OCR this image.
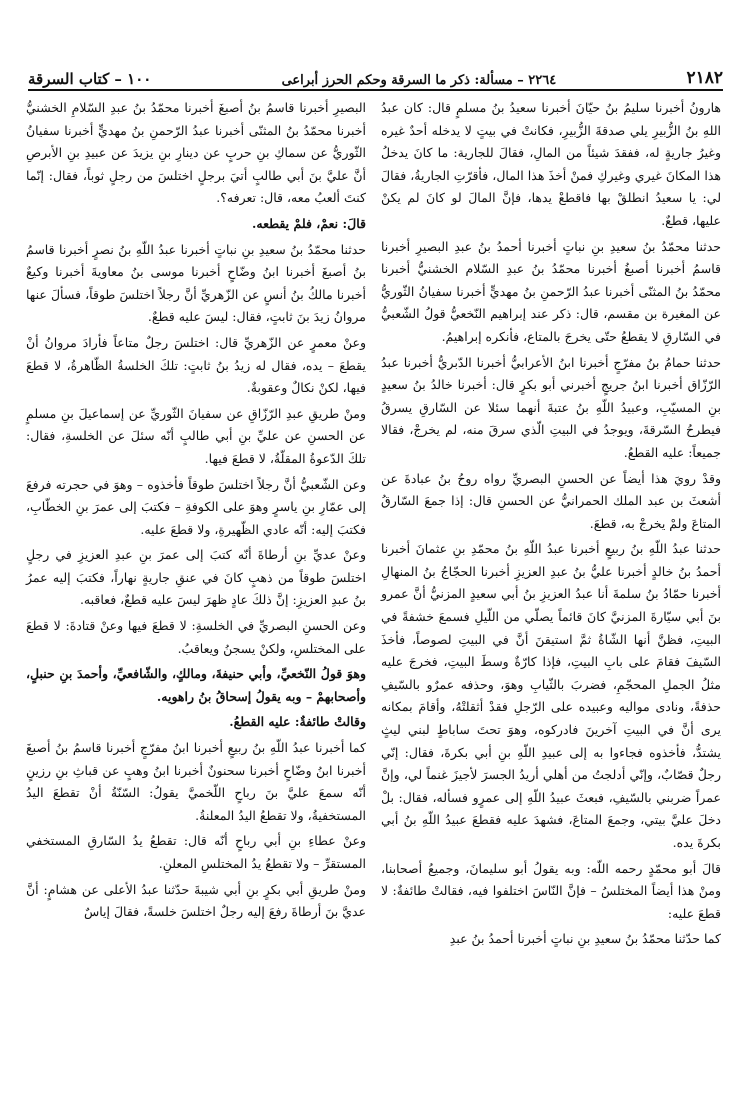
١٠٠ – كتاب السرقة	٢٢٦٤ – مسألة: ذكر ما السرقة وحكم الحرز أبراعى	٢١٨٢

هارونُ أخبرنا سليمُ بنُ حيّانَ أخبرنا سعيدُ بنُ مسلمٍ قال: كان عبدُ اللهِ بنُ الزُّبيرِ يلي صدقةَ الزُّبيرِ، فكانتْ في بيتٍ لا يدخله أحدٌ غيره وغيرُ جاريةٍ له، ففقدَ شيئاً من المالِ، فقالَ للجارية: ما كانَ يدخلُ هذا المكانَ غيري وغيركِ فمنْ أخذَ هذا المال، فأقرّتِ الجاريةُ، فقالَ لي: يا سعيدُ انطلقْ بها فاقطعْ يدها، فإنَّ المالَ لو كانَ لم يكنْ عليها، قطعٌ.

حدثنا محمّدُ بنُ سعيدِ بنِ نباتٍ أخبرنا أحمدُ بنُ عبدِ البصيرِ أخبرنا قاسمُ أخبرنا أصبغُ أخبرنا محمّدُ بنُ عبدِ السّلام الخشنيُّ أخبرنا محمّدُ بنُ المثنّى أخبرنا عبدُ الرّحمنِ بنُ مهديٍّ أخبرنا سفيانُ الثّوريُّ عن المغيرة بن مقسم، قال: ذكر عند إبراهيم النّخعيُّ قولُ الشّعبيُّ في السّارقِ لا يقطعُ حتّى يخرجَ بالمتاع، فأنكره إبراهيمُ.

حدثنا حمامُ بنُ مفرّجٍ أخبرنا ابنُ الأعرابيُّ أخبرنا الدّبريُّ أخبرنا عبدُ الرّزّاق أخبرنا ابنُ جريجٍ أخبرني أبو بكرٍ قال: أخبرنا خالدُ بنُ سعيدٍ بنِ المسيّبِ، وعبيدُ اللّهِ بنُ عتبةَ أنهما سئلا عن السّارقِ يسرقُ فيطرحُ السّرقةَ، ويوجدُ في البيتِ الّذي سرقَ منه، لم يخرجْ، فقالا جميعاً: عليه القطعُ.

وقدْ رويَ هذا أيضاً عن الحسنِ البصريِّ رواه روحُ بنُ عبادةَ عن أشعثَ بن عبد الملك الحمرانيُّ عن الحسنِ قال: إذا جمعَ السّارقُ المتاعَ ولمْ يخرجْ به، قطعَ.

حدثنا عبدُ اللّهِ بنُ ربيعٍ أخبرنا عبدُ اللّهِ بنُ محمّدِ بنِ عثمانَ أخبرنا أحمدُ بنُ خالدٍ أخبرنا عليُّ بنُ عبدِ العزيزِ أخبرنا الحجّاجُ بنُ المنهالِ أخبرنا حمّادُ بنُ سلمةَ أنا عبدُ العزيزِ بنُ أبي سعيدٍ المزنيُّ أنَّ عمرو بنَ أبي سيّارةَ المزنيَّ كانَ قائماً يصلّي من اللّيلِ فسمعَ خشفةً في البيتِ، فظنَّ أنها الشّاةُ ثمَّ استيقنَ أنَّ في البيتِ لصوصاً، فأخذَ السّيفَ فقامَ على بابِ البيتِ، فإذا كارّةٌ وسطَ البيتِ، فخرجَ عليه مثلُ الجملِ المحجّمِ، فضربَ بالثّيابِ وهوَ، وحذفه عمرٌو بالسّيفِ حذفةً، ونادى مواليه وعبيده على الرّجلِ فقدْ أثقلتْهُ، وأقامَ بمكانه يرى أنَّ في البيتِ آخرينَ فادركوه، وهوَ تحتَ ساباطٍ لبني ليثٍ يشتدُّ، فأخذوه فجاءوا به إلى عبيدِ اللّهِ بنِ أبي بكرةَ، فقال: إنّي رجلٌ قصّابٌ، وإنّي أدلجتُ من أهلي أريدُ الجسرَ لأجيزَ غنماً لي، وإنَّ عمراً ضربني بالسّيفِ، فبعثَ عبيدُ اللّهِ إلى عمرٍو فسأله، فقال: بلْ دخلَ عليَّ بيتي، وجمعَ المتاعَ، فشهدَ عليه فقطعَ عبيدُ اللّهِ بنُ أبي بكرةَ يده.

قالَ أبو محمّدٍ رحمه اللّه: وبه يقولُ أبو سليمانَ، وجميعُ أصحابنا، ومنْ هذا أيضاً المختلسُ – فإنَّ النّاسَ اختلفوا فيه، فقالتْ طائفةٌ: لا قطعَ عليه:

كما حدّثنا محمّدُ بنُ سعيدِ بنِ نباتٍ أخبرنا أحمدُ بنُ عبدِ

البصيرِ أخبرنا قاسمُ بنُ أصبغَ أخبرنا محمّدُ بنُ عبدِ السّلامِ الخشنيُّ أخبرنا محمّدُ بنُ المثنّى أخبرنا عبدُ الرّحمنِ بنُ مهديٍّ أخبرنا سفيانُ الثّوريُّ عن سماكِ بنِ حربٍ عن دينارِ بنِ يزيدَ عن عبيدِ بنِ الأبرصِ أنَّ عليَّ بنَ أبي طالبٍ أتيَ برجلٍ اختلسَ من رجلٍ ثوباً، فقال: إنّما كنتَ ألعبُ معه، قال: تعرفه؟.

قالَ: نعمْ، فلمْ يقطعه.

حدثنا محمّدُ بنُ سعيدِ بنِ نباتٍ أخبرنا عبدُ اللّهِ بنُ نصرٍ أخبرنا قاسمُ بنُ أصبغَ أخبرنا ابنُ وضّاحٍ أخبرنا موسى بنُ معاويةَ أخبرنا وكيعٌ أخبرنا مالكُ بنُ أنسٍ عن الزّهريِّ أنَّ رجلاً اختلسَ طوقاً، فسألَ عنها مروانُ زيدَ بنَ ثابتٍ، فقال: ليسَ عليه قطعٌ.

وعنْ معمرٍ عن الزّهريِّ قال: اختلسَ رجلٌ متاعاً فأرادَ مروانُ أنْ يقطعَ – يده، فقال له زيدُ بنُ ثابتٍ: تلكَ الخلسةُ الظّاهرةُ، لا قطعَ فيها، لكنْ نكالٌ وعقوبةٌ.

ومنْ طريقِ عبدِ الرّزّاقِ عن سفيانَ الثّوريِّ عن إسماعيلَ بنِ مسلمٍ عن الحسنِ عن عليِّ بنِ أبي طالبٍ أنّه سئلَ عن الخلسةِ، فقال: تلكَ الدّعوةُ المقلّةُ، لا قطعَ فيها.

وعن الشّعبيُّ أنَّ رجلاً اختلسَ طوقاً فأخذوه – وهوَ في حجرته فرفعَ إلى عمّارِ بنِ ياسرٍ وهوَ على الكوفةِ – فكتبَ إلى عمرَ بنِ الخطّابِ، فكتبَ إليه: أنّه عادي الظّهيرةِ، ولا قطعَ عليه.

وعنْ عديِّ بنِ أرطاةَ أنّه كتبَ إلى عمرَ بنِ عبدِ العزيزِ في رجلٍ اختلسَ طوقاً من ذهبٍ كانَ في عنقِ جاريةٍ نهاراً، فكتبَ إليه عمرُ بنُ عبدِ العزيزِ: إنَّ ذلكَ عادٍ ظهرَ ليسَ عليه قطعٌ، فعاقبه.

وعن الحسنِ البصريِّ في الخلسةِ: لا قطعَ فيها وعنْ قتادةَ: لا قطعَ على المختلسِ، ولكنْ يسجنُ ويعاقبُ.

وهوَ قولُ النّخعيِّ، وأبي حنيفةَ، ومالكٍ، والشّافعيِّ، وأحمدَ بنِ حنبلٍ، وأصحابهمْ – وبه يقولُ إسحاقُ بنُ راهويه.

وقالتْ طائفةٌ: عليه القطعُ.

كما أخبرنا عبدُ اللّهِ بنُ ربيعٍ أخبرنا ابنُ مفرّجٍ أخبرنا قاسمُ بنُ أصبغَ أخبرنا ابنُ وضّاحٍ أخبرنا سحنونٌ أخبرنا ابنُ وهبٍ عن قباثِ بنِ رزينٍ أنّه سمعَ عليَّ بنَ رباحٍ اللّخميَّ يقولُ: السّنّةُ أنْ تقطعَ اليدُ المستخفيةُ، ولا تقطعُ اليدُ المعلنةُ.

وعنْ عطاءِ بنِ أبي رباحٍ أنّه قال: تقطعُ يدُ السّارقِ المستخفي المستقرِّ – ولا تقطعُ يدُ المختلسِ المعلنِ.

ومنْ طريقِ أبي بكرٍ بنِ أبي شيبةَ حدّثنا عبدُ الأعلى عن هشامٍ: أنَّ عديَّ بنَ أرطاةَ رفعَ إليه رجلٌ اختلسَ خلسةً، فقالَ إياسٌ
